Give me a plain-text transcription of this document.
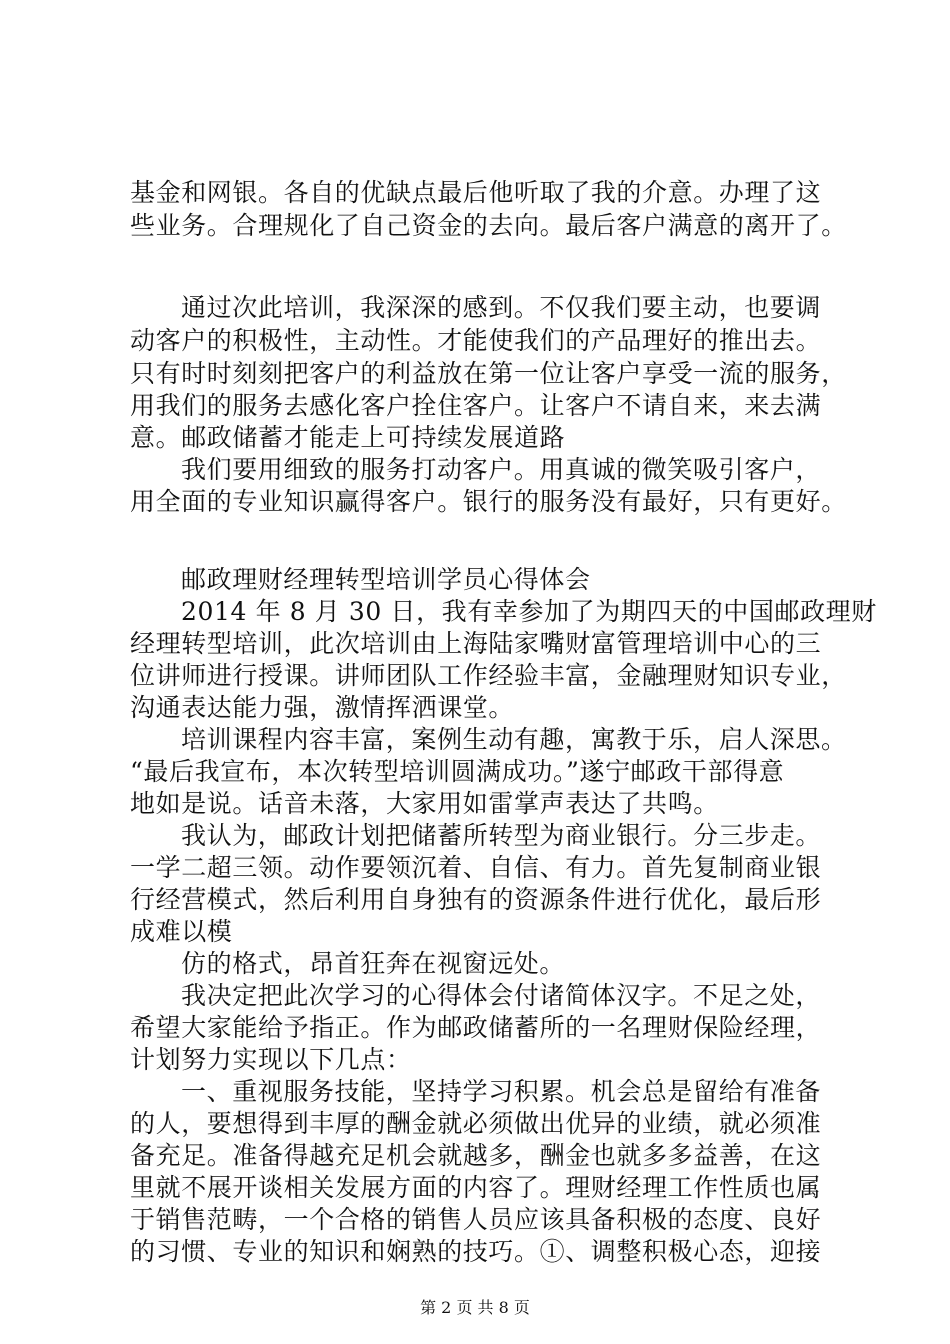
基金和网银。各自的优缺点最后他听取了我的介意。办理了这
些业务。合理规化了自己资金的去向。最后客户满意的离开了。
通过次此培训，我深深的感到。不仅我们要主动，也要调
动客户的积极性，主动性。才能使我们的产品理好的推出去。
只有时时刻刻把客户的利益放在第一位让客户享受一流的服务，
用我们的服务去感化客户拴住客户。让客户不请自来，来去满
意。邮政储蓄才能走上可持续发展道路
我们要用细致的服务打动客户。用真诚的微笑吸引客户，
用全面的专业知识赢得客户。银行的服务没有最好，只有更好。
邮政理财经理转型培训学员心得体会
2014 年 8 月 30 日，我有幸参加了为期四天的中国邮政理财
经理转型培训，此次培训由上海陆家嘴财富管理培训中心的三
位讲师进行授课。讲师团队工作经验丰富，金融理财知识专业，
沟通表达能力强，激情挥洒课堂。
培训课程内容丰富，案例生动有趣，寓教于乐，启人深思。
“最后我宣布，本次转型培训圆满成功。”遂宁邮政干部得意
地如是说。话音未落，大家用如雷掌声表达了共鸣。
我认为，邮政计划把储蓄所转型为商业银行。分三步走。
一学二超三领。动作要领沉着、自信、有力。首先复制商业银
行经营模式，然后利用自身独有的资源条件进行优化，最后形
成难以模
仿的格式，昂首狂奔在视窗远处。
我决定把此次学习的心得体会付诸简体汉字。不足之处，
希望大家能给予指正。作为邮政储蓄所的一名理财保险经理，
计划努力实现以下几点：
一、重视服务技能，坚持学习积累。机会总是留给有准备
的人，要想得到丰厚的酬金就必须做出优异的业绩，就必须准
备充足。准备得越充足机会就越多，酬金也就多多益善，在这
里就不展开谈相关发展方面的内容了。理财经理工作性质也属
于销售范畴，一个合格的销售人员应该具备积极的态度、良好
的习惯、专业的知识和娴熟的技巧。①、调整积极心态，迎接
第 2 页 共 8 页
